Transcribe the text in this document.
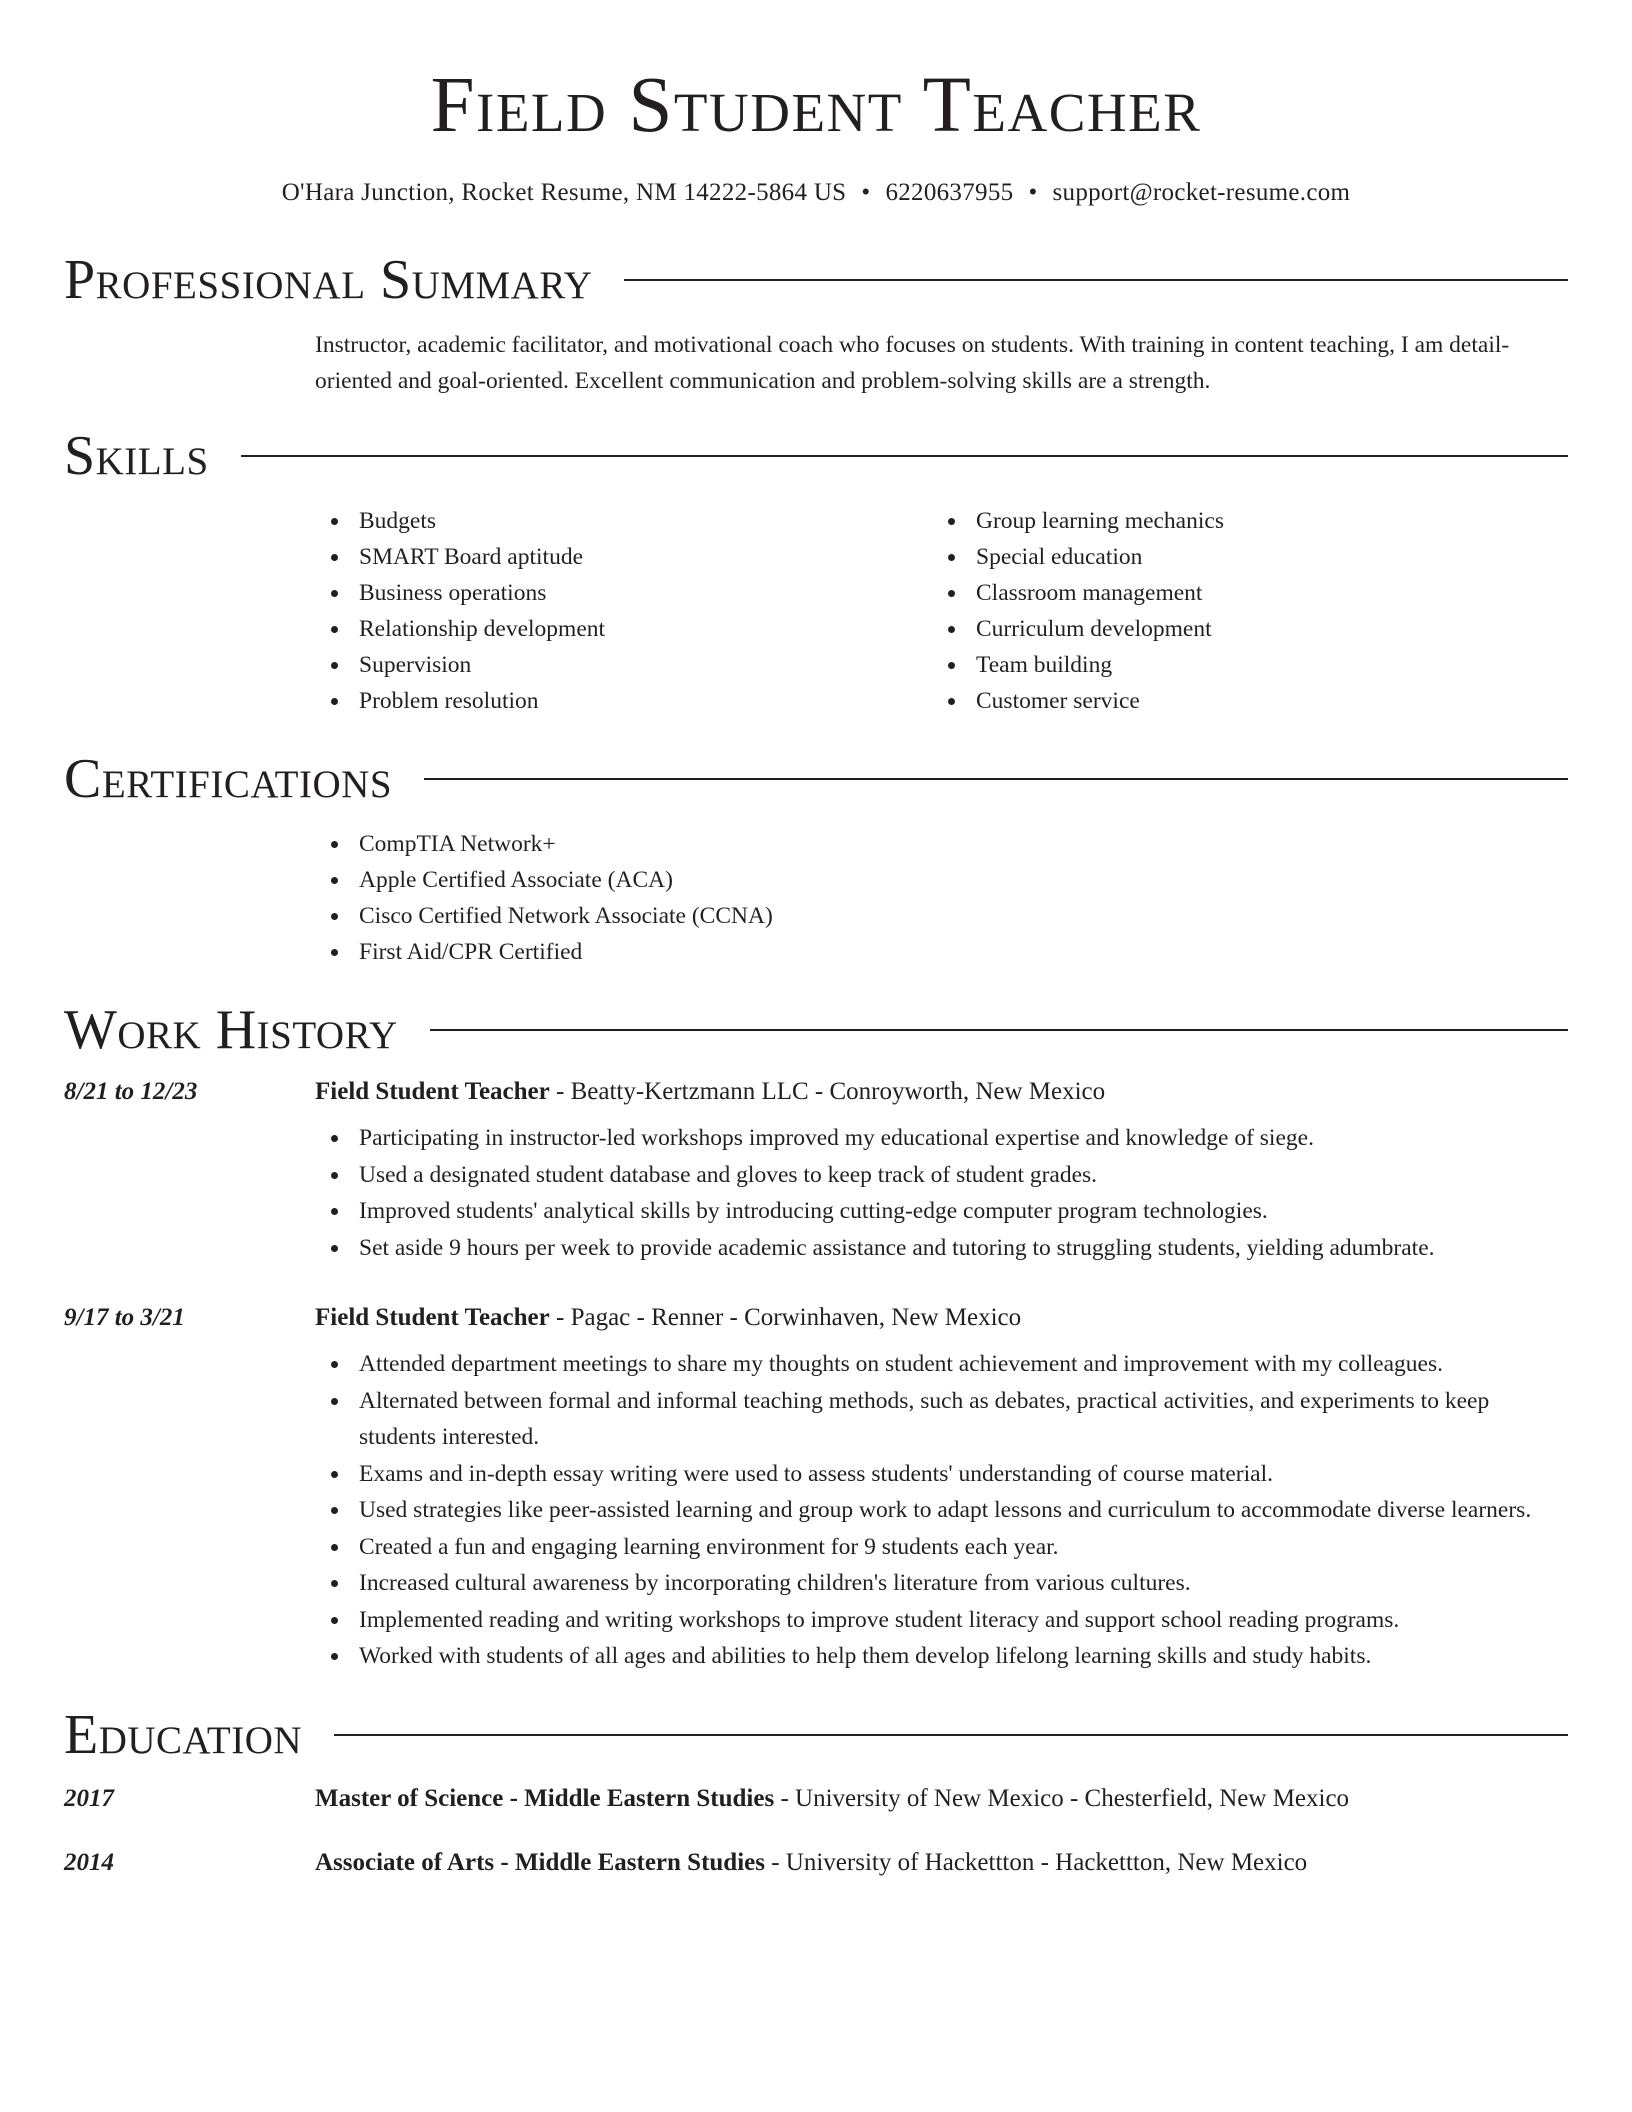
Field Student Teacher
O'Hara Junction, Rocket Resume, NM 14222-5864 US • 6220637955 • support@rocket-resume.com
Professional Summary
Instructor, academic facilitator, and motivational coach who focuses on students. With training in content teaching, I am detail-oriented and goal-oriented. Excellent communication and problem-solving skills are a strength.
Skills
Budgets
SMART Board aptitude
Business operations
Relationship development
Supervision
Problem resolution
Group learning mechanics
Special education
Classroom management
Curriculum development
Team building
Customer service
Certifications
CompTIA Network+
Apple Certified Associate (ACA)
Cisco Certified Network Associate (CCNA)
First Aid/CPR Certified
Work History
8/21 to 12/23	Field Student Teacher - Beatty-Kertzmann LLC - Conroyworth, New Mexico
Participating in instructor-led workshops improved my educational expertise and knowledge of siege.
Used a designated student database and gloves to keep track of student grades.
Improved students' analytical skills by introducing cutting-edge computer program technologies.
Set aside 9 hours per week to provide academic assistance and tutoring to struggling students, yielding adumbrate.
9/17 to 3/21	Field Student Teacher - Pagac - Renner - Corwinhaven, New Mexico
Attended department meetings to share my thoughts on student achievement and improvement with my colleagues.
Alternated between formal and informal teaching methods, such as debates, practical activities, and experiments to keep students interested.
Exams and in-depth essay writing were used to assess students' understanding of course material.
Used strategies like peer-assisted learning and group work to adapt lessons and curriculum to accommodate diverse learners.
Created a fun and engaging learning environment for 9 students each year.
Increased cultural awareness by incorporating children's literature from various cultures.
Implemented reading and writing workshops to improve student literacy and support school reading programs.
Worked with students of all ages and abilities to help them develop lifelong learning skills and study habits.
Education
2017	Master of Science - Middle Eastern Studies - University of New Mexico - Chesterfield, New Mexico
2014	Associate of Arts - Middle Eastern Studies - University of Hackettton - Hackettton, New Mexico
